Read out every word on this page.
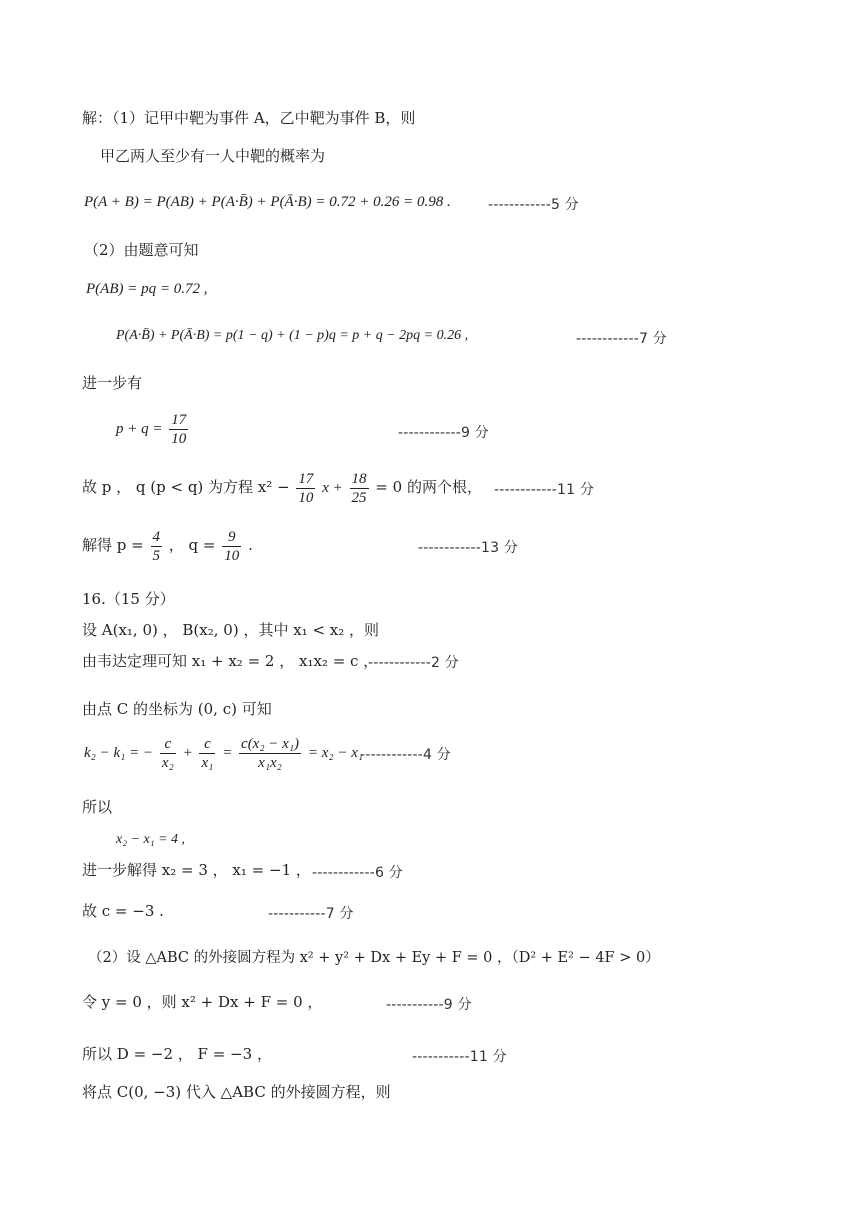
解：（1）记甲中靶为事件 A，乙中靶为事件 B，则
甲乙两人至少有一人中靶的概率为
P(A + B) = P(AB) + P(A·B̄) + P(Ā·B) = 0.72 + 0.26 = 0.98 .	------------5 分
（2）由题意可知
P(AB) = pq = 0.72 ,
P(A·B̄) + P(Ā·B) = p(1 − q) + (1 − p)q = p + q − 2pq = 0.26 ,	------------7 分
进一步有
$p + q = \frac{17}{10}$	------------9 分
故 p ， q (p < q) 为方程 $x^2 - \frac{17}{10}$ $x + \frac{18}{25} = 0$ 的两个根， ------------11 分
解得 $p = \frac{4}{5}$ ， $q = \frac{9}{10}$ .	------------13 分
16.（15 分）
设 A(x₁, 0) ， B(x₂, 0) ，其中 x₁ < x₂ ，则
由韦达定理可知 x₁ + x₂ = 2 ， x₁x₂ = c ，
------------2 分
由点 C 的坐标为 (0, c) 可知
k₂ − k₁ = − $\frac{c}{\text{x₂}} + \frac{c}{\text{x₁}} = \frac{\text{c(x₂ − x₁)}}{\text{x₁x₂}} = x_2 - x_1$
------------4 分
所以
x₂ − x₁ = 4 ,
进一步解得 x₂ = 3 ， x₁ = −1 ， ------------6 分
故 c = −3 .	-----------7 分
（2）设 △ABC 的外接圆方程为 x² + y² + Dx + Ey + F = 0 ，（D² + E² − 4F > 0）
令 y = 0 ，则 x² + Dx + F = 0 ，	-----------9 分
所以 D = −2 ， F = −3 ，	-----------11 分
将点 C(0, −3) 代入 △ABC 的外接圆方程，则
